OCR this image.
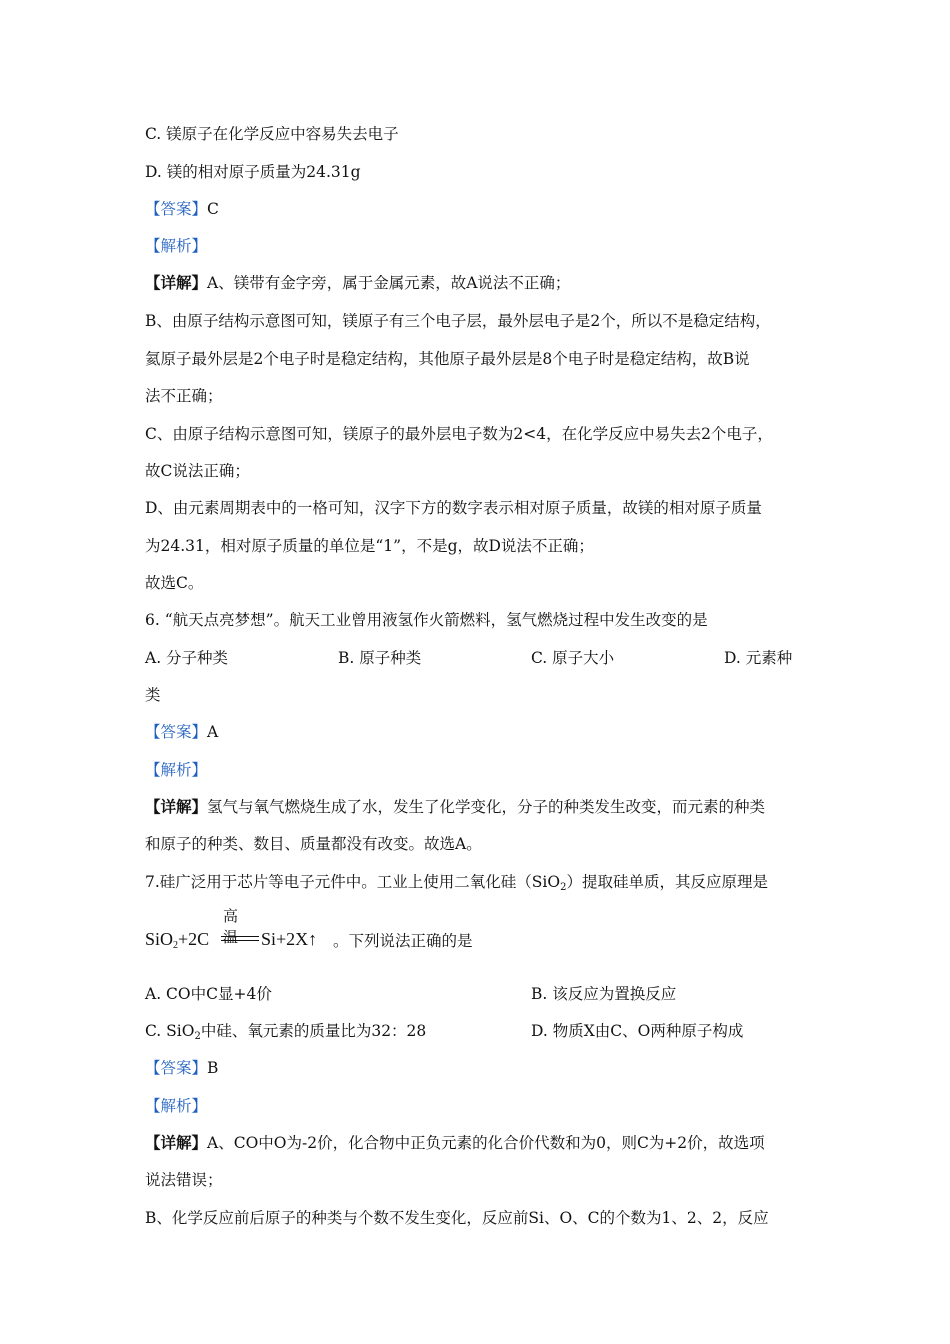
C. 镁原子在化学反应中容易失去电子
D. 镁的相对原子质量为24.31g
【答案】C
【解析】
【详解】A、镁带有金字旁，属于金属元素，故A说法不正确；
B、由原子结构示意图可知，镁原子有三个电子层，最外层电子是2个，所以不是稳定结构，
氦原子最外层是2个电子时是稳定结构，其他原子最外层是8个电子时是稳定结构，故B说
法不正确；
C、由原子结构示意图可知，镁原子的最外层电子数为2<4，在化学反应中易失去2个电子，
故C说法正确；
D、由元素周期表中的一格可知，汉字下方的数字表示相对原子质量，故镁的相对原子质量
为24.31，相对原子质量的单位是“1”，不是g，故D说法不正确；
故选C。
6. “航天点亮梦想”。航天工业曾用液氢作火箭燃料，氢气燃烧过程中发生改变的是
A. 分子种类	B. 原子种类	C. 原子大小	D. 元素种
类
【答案】A
【解析】
【详解】氢气与氧气燃烧生成了水，发生了化学变化，分子的种类发生改变，而元素的种类
和原子的种类、数目、质量都没有改变。故选A。
7.硅广泛用于芯片等电子元件中。工业上使用二氧化硅（SiO$_2$）提取硅单质，其反应原理是
SiO$_2$+2C
高温 Si+2X↑ 。下列说法正确的是
A. CO中C显+4价	B. 该反应为置换反应
C. SiO$_2$中硅、氧元素的质量比为32：28	D. 物质X由C、O两种原子构成
【答案】B
【解析】
【详解】A、CO中O为-2价，化合物中正负元素的化合价代数和为0，则C为+2价，故选项
说法错误；
B、化学反应前后原子的种类与个数不发生变化，反应前Si、O、C的个数为1、2、2，反应
